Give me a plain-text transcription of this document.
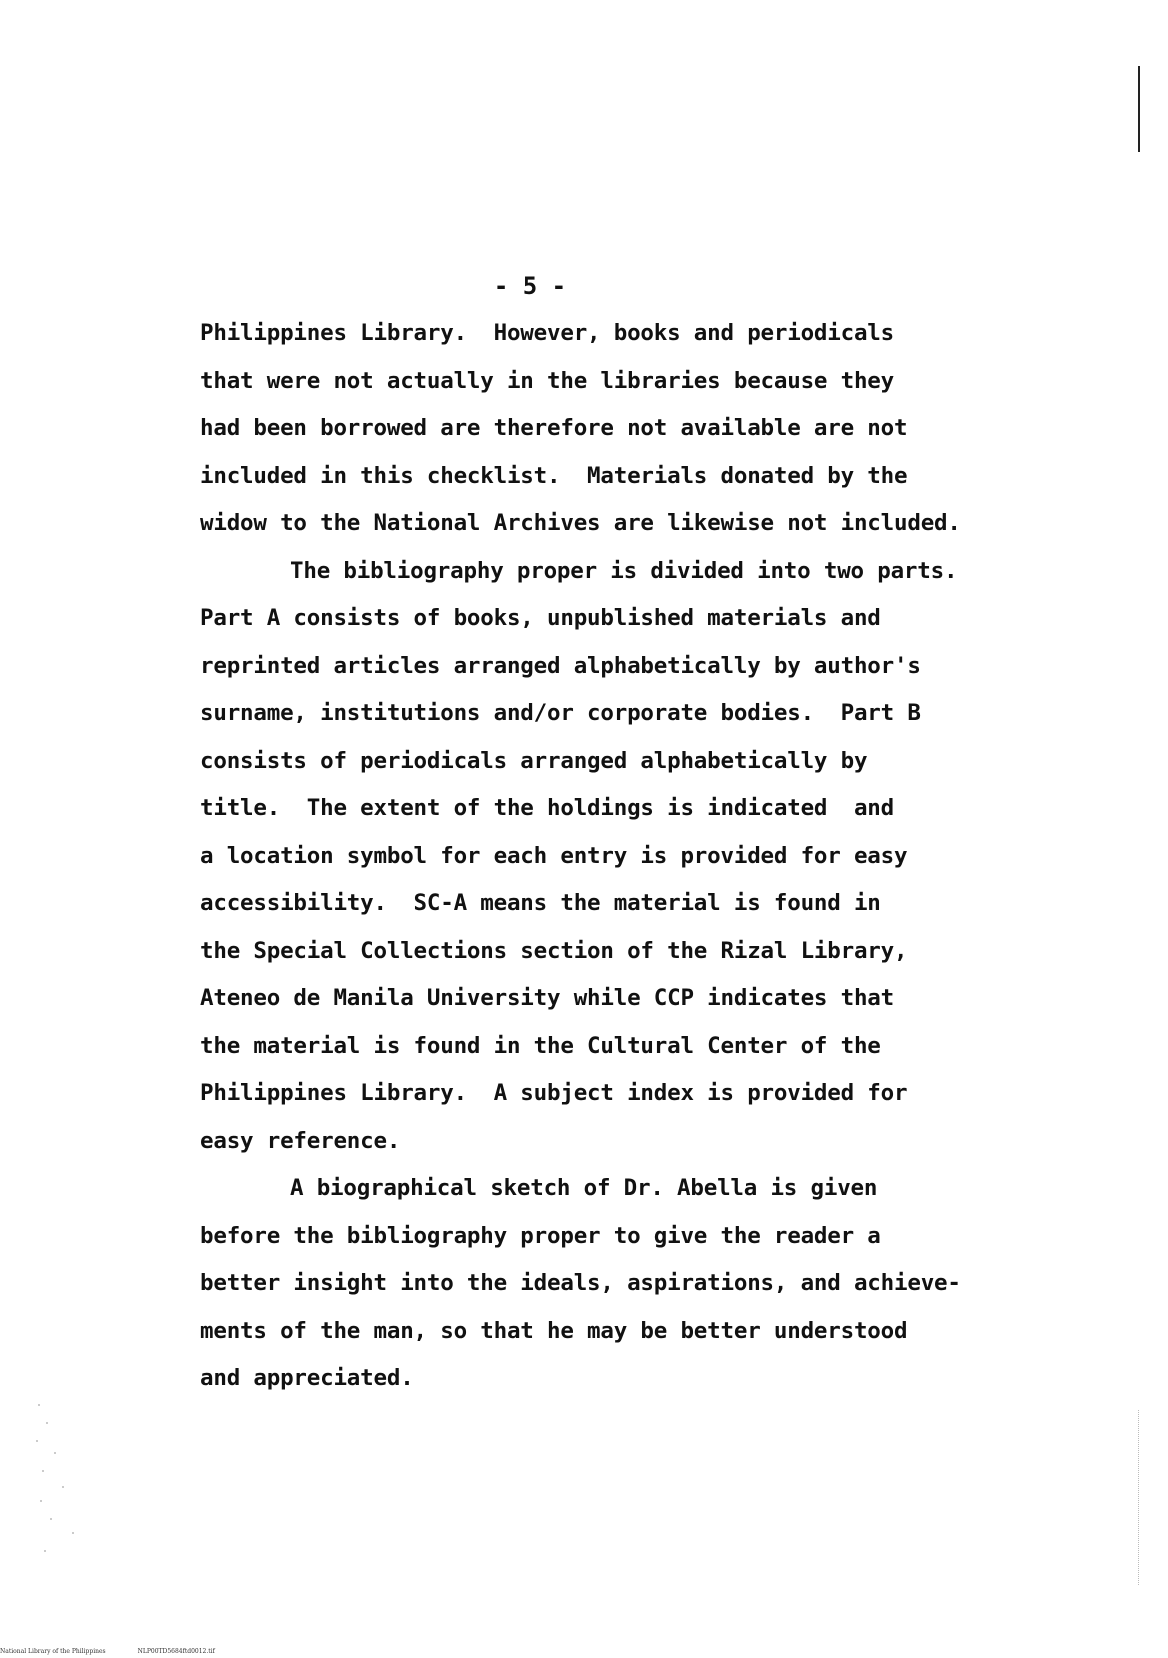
- 5 -
Philippines Library.  However, books and periodicals
that were not actually in the libraries because they
had been borrowed are therefore not available are not
included in this checklist.  Materials donated by the
widow to the National Archives are likewise not included.
The bibliography proper is divided into two parts.
Part A consists of books, unpublished materials and
reprinted articles arranged alphabetically by author's
surname, institutions and/or corporate bodies.  Part B
consists of periodicals arranged alphabetically by
title.  The extent of the holdings is indicated  and
a location symbol for each entry is provided for easy
accessibility.  SC-A means the material is found in
the Special Collections section of the Rizal Library,
Ateneo de Manila University while CCP indicates that
the material is found in the Cultural Center of the
Philippines Library.  A subject index is provided for
easy reference.
A biographical sketch of Dr. Abella is given
before the bibliography proper to give the reader a
better insight into the ideals, aspirations, and achieve-
ments of the man, so that he may be better understood
and appreciated.
National Library of the Philippines	NLP00TD5684ftd0012.tif
